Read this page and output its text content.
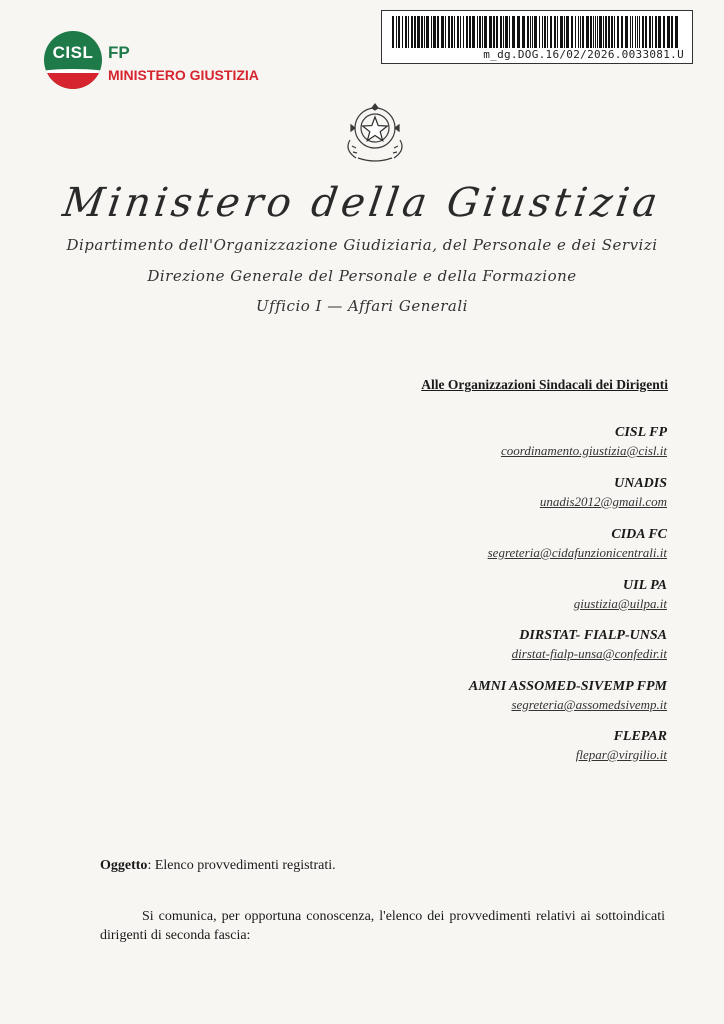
CISL FP
MINISTERO GIUSTIZIA
m_dg.DOG.16/02/2026.0033081.U
Ministero della Giustizia
Dipartimento dell'Organizzazione Giudiziaria, del Personale e dei Servizi
Direzione Generale del Personale e della Formazione
Ufficio I — Affari Generali
Alle Organizzazioni Sindacali dei Dirigenti
CISL FP
coordinamento.giustizia@cisl.it
UNADIS
unadis2012@gmail.com
CIDA FC
segreteria@cidafunzionicentrali.it
UIL PA
giustizia@uilpa.it
DIRSTAT- FIALP-UNSA
dirstat-fialp-unsa@confedir.it
AMNI ASSOMED-SIVEMP FPM
segreteria@assomedsivemp.it
FLEPAR
flepar@virgilio.it
Oggetto: Elenco provvedimenti registrati.
Si comunica, per opportuna conoscenza, l'elenco dei provvedimenti relativi ai sottoindicati dirigenti di seconda fascia:
